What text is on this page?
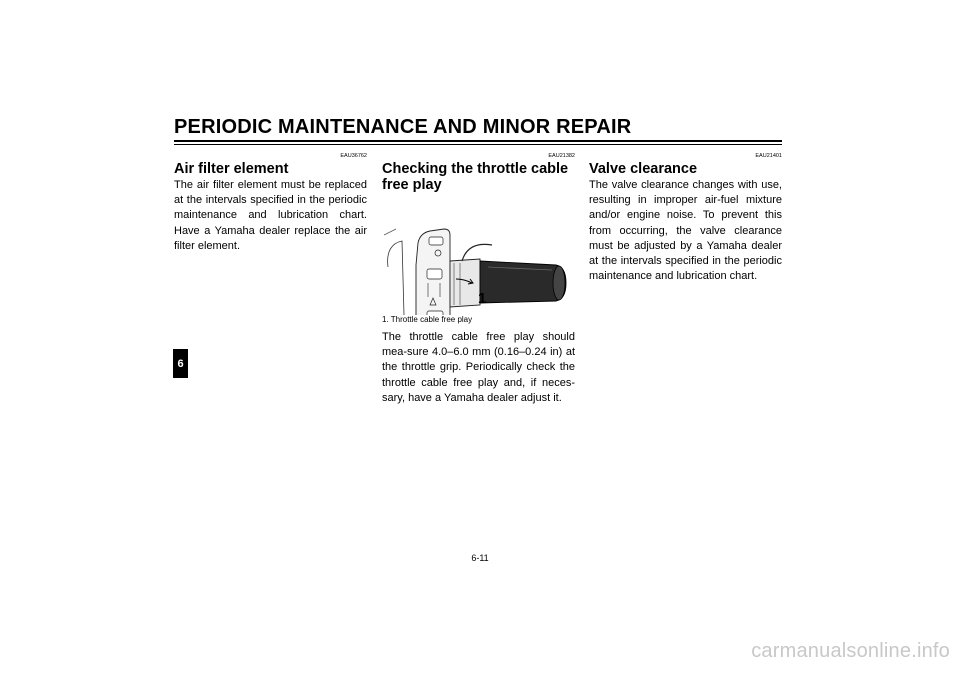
PERIODIC MAINTENANCE AND MINOR REPAIR
6
EAU36762
Air filter element

The air filter element must be replaced at the intervals specified in the periodic maintenance and lubrication chart. Have a Yamaha dealer replace the air filter element.

EAU21382
Checking the throttle cable free play
1
1. Throttle cable free play

The throttle cable free play should mea-sure 4.0–6.0 mm (0.16–0.24 in) at the throttle grip. Periodically check the throttle cable free play and, if neces-sary, have a Yamaha dealer adjust it.

EAU21401
Valve clearance

The valve clearance changes with use, resulting in improper air-fuel mixture and/or engine noise. To prevent this from occurring, the valve clearance must be adjusted by a Yamaha dealer at the intervals specified in the periodic maintenance and lubrication chart.

6-11
carmanualsonline.info
